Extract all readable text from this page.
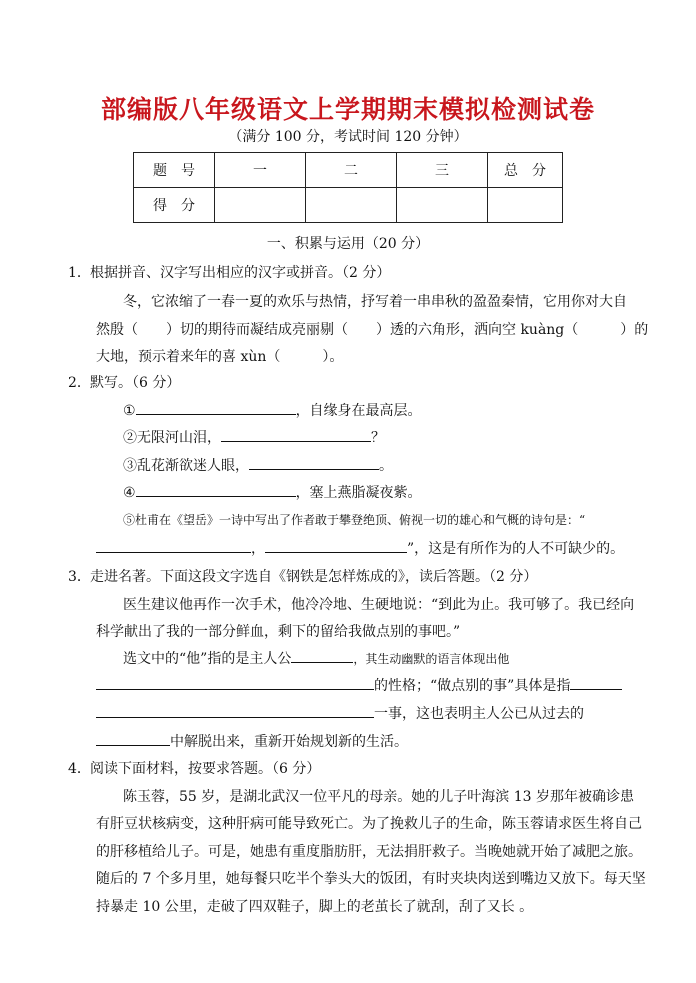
部编版八年级语文上学期期末模拟检测试卷
（满分 100 分，考试时间 120 分钟）
题　号	一	二	三	总　分
得　分				
一、积累与运用（20 分）
1．根据拼音、汉字写出相应的汉字或拼音。（2 分）
冬，它浓缩了一春一夏的欢乐与热情，抒写着一串串秋的盈盈秦情，它用你对大自
然殷（　　）切的期待而凝结成亮丽剔（　　）透的六角形，洒向空 kuàng（　　　）的
大地，预示着来年的喜 xùn（　　　）。
2．默写。（6 分）
①	，自缘身在最高层。
②无限河山泪，	？
③乱花渐欲迷人眼，	。
④	，塞上燕脂凝夜紫。
⑤杜甫在《望岳》一诗中写出了作者敢于攀登绝顶、俯视一切的雄心和气概的诗句是：“
，	”，这是有所作为的人不可缺少的。
3．走进名著。下面这段文字选自《钢铁是怎样炼成的》，读后答题。（2 分）
医生建议他再作一次手术，他冷冷地、生硬地说：“到此为止。我可够了。我已经向
科学献出了我的一部分鲜血，剩下的留给我做点别的事吧。”
选文中的“他”指的是主人公	，其生动幽默的语言体现出他
的性格；“做点别的事”具体是指
一事，这也表明主人公已从过去的
中解脱出来，重新开始规划新的生活。
4．阅读下面材料，按要求答题。（6 分）
陈玉蓉，55 岁，是湖北武汉一位平凡的母亲。她的儿子叶海滨 13 岁那年被确诊患
有肝豆状核病变，这种肝病可能导致死亡。为了挽救儿子的生命，陈玉蓉请求医生将自己
的肝移植给儿子。可是，她患有重度脂肪肝，无法捐肝救子。当晚她就开始了减肥之旅。
随后的 7 个多月里，她每餐只吃半个拳头大的饭团，有时夹块肉送到嘴边又放下。每天坚
持暴走 10 公里，走破了四双鞋子，脚上的老茧长了就刮，刮了又长 。
